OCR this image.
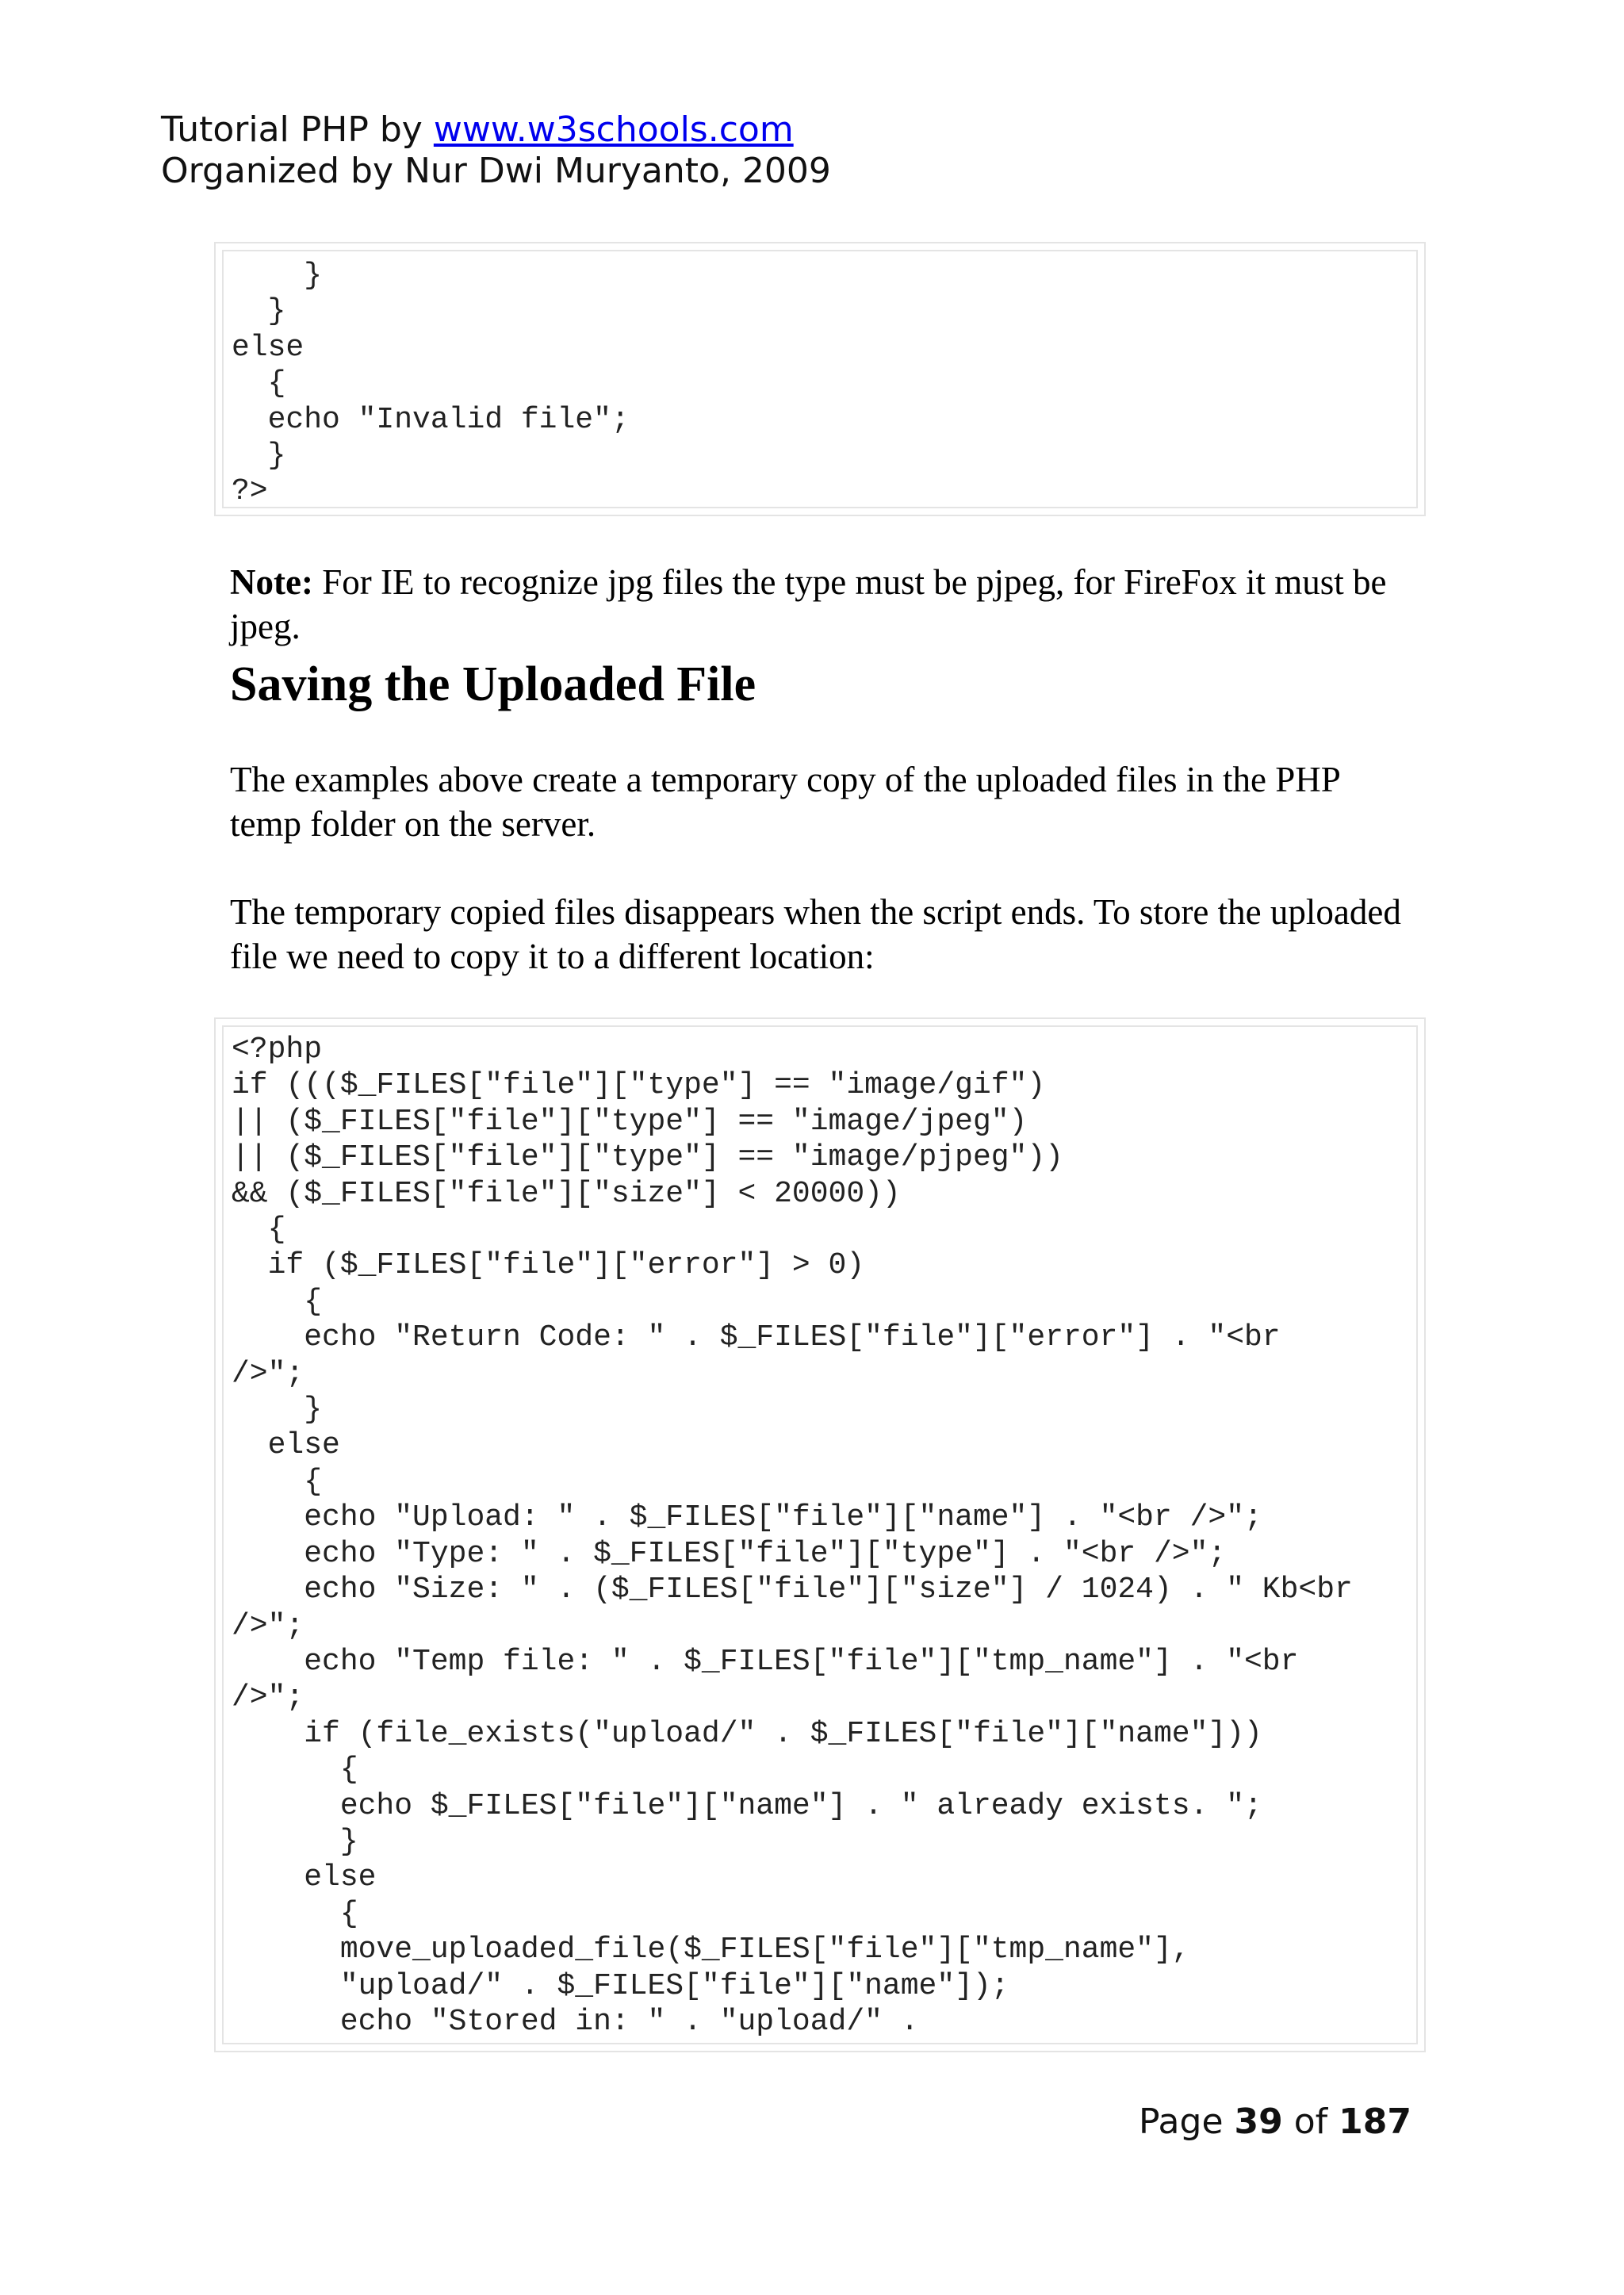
Tutorial PHP by www.w3schools.com
Organized by Nur Dwi Muryanto, 2009
}
}
else
{
echo "Invalid file";
}
?>
Note: For IE to recognize jpg files the type must be pjpeg, for FireFox it must be jpeg.
Saving the Uploaded File
The examples above create a temporary copy of the uploaded files in the PHP temp folder on the server.
The temporary copied files disappears when the script ends. To store the uploaded file we need to copy it to a different location:
<?php
if ((($_FILES["file"]["type"] == "image/gif")
|| ($_FILES["file"]["type"] == "image/jpeg")
|| ($_FILES["file"]["type"] == "image/pjpeg"))
&& ($_FILES["file"]["size"] < 20000))
{
if ($_FILES["file"]["error"] > 0)
{
echo "Return Code: " . $_FILES["file"]["error"] . "<br
/>";
}
else
{
echo "Upload: " . $_FILES["file"]["name"] . "<br />";
echo "Type: " . $_FILES["file"]["type"] . "<br />";
echo "Size: " . ($_FILES["file"]["size"] / 1024) . " Kb<br
/>";
echo "Temp file: " . $_FILES["file"]["tmp_name"] . "<br
/>";
if (file_exists("upload/" . $_FILES["file"]["name"]))
{
echo $_FILES["file"]["name"] . " already exists. ";
}
else
{
move_uploaded_file($_FILES["file"]["tmp_name"],
"upload/" . $_FILES["file"]["name"]);
echo "Stored in: " . "upload/" .
Page 39 of 187
